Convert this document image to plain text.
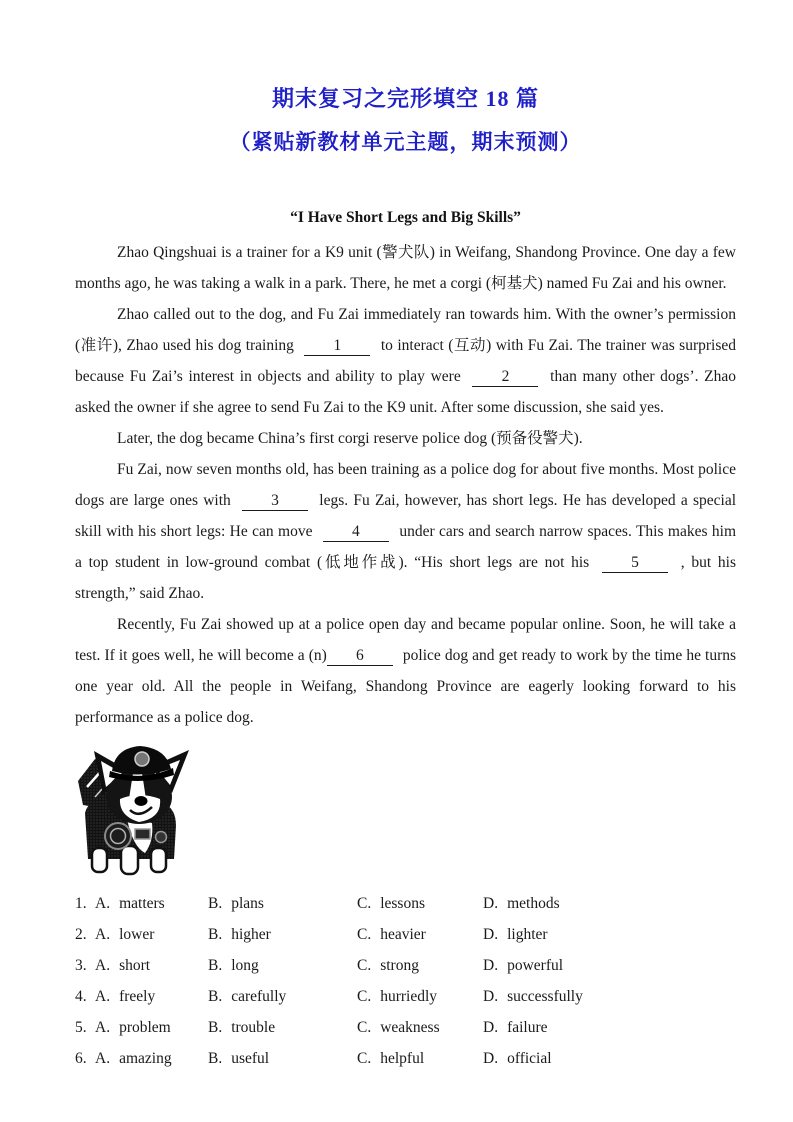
期末复习之完形填空 18 篇
（紧贴新教材单元主题，期末预测）
“I Have Short Legs and Big Skills”

Zhao Qingshuai is a trainer for a K9 unit (警犬队) in Weifang, Shandong Province. One day a few months ago, he was taking a walk in a park. There, he met a corgi (柯基犬) named Fu Zai and his owner.

Zhao called out to the dog, and Fu Zai immediately ran towards him. With the owner’s permission (准许), Zhao used his dog training	1	to interact (互动) with Fu Zai. The trainer was surprised because Fu Zai’s interest in objects and ability to play were	2	than many other dogs’. Zhao asked the owner if she agree to send Fu Zai to the K9 unit. After some discussion, she said yes.

Later, the dog became China’s first corgi reserve police dog (预备役警犬).

Fu Zai, now seven months old, has been training as a police dog for about five months. Most police dogs are large ones with	3	legs. Fu Zai, however, has short legs. He has developed a special skill with his short legs: He can move	4	under cars and search narrow spaces. This makes him a top student in low-ground combat (低地作战). “His short legs are not his	5	, but his strength,” said Zhao.

Recently, Fu Zai showed up at a police open day and became popular online. Soon, he will take a test. If it goes well, he will become a (n) 6	police dog and get ready to work by the time he turns one year old. All the people in Weifang, Shandong Province are eagerly looking forward to his performance as a police dog.

1. A. matters	B. plans	C. lessons	D. methods
2. A. lower	B. higher	C. heavier	D. lighter
3. A. short	B. long	C. strong	D. powerful
4. A. freely	B. carefully	C. hurriedly	D. successfully
5. A. problem	B. trouble	C. weakness	D. failure
6. A. amazing	B. useful	C. helpful	D. official
